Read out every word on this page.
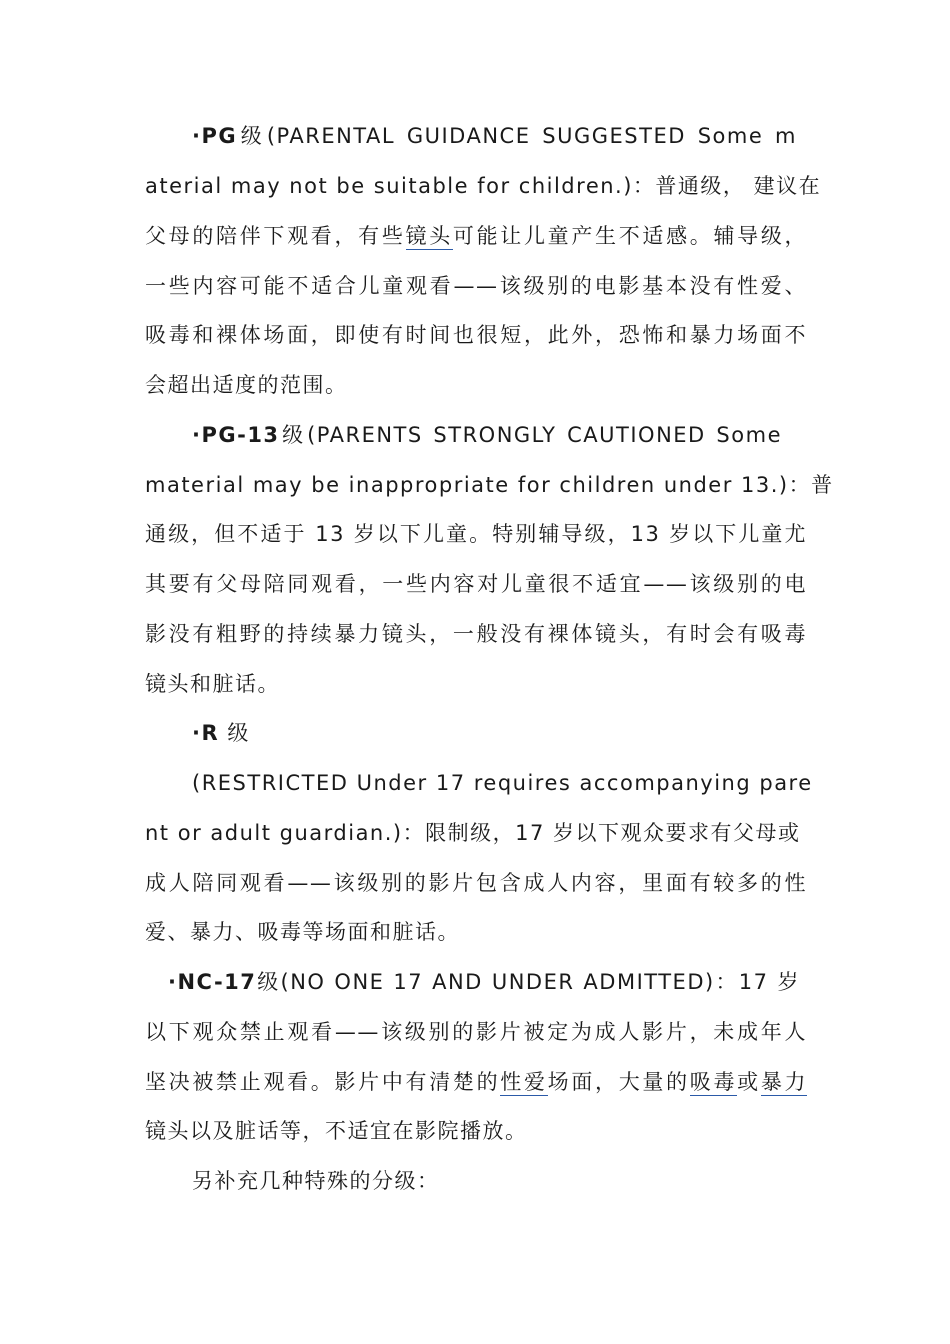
·PG级(PARENTAL GUIDANCE SUGGESTED Some m
aterial may not be suitable for children.)：普通级， 建议在
父母的陪伴下观看，有些镜头可能让儿童产生不适感。辅导级，
一些内容可能不适合儿童观看——该级别的电影基本没有性爱、
吸毒和裸体场面，即使有时间也很短，此外，恐怖和暴力场面不
会超出适度的范围。
·PG-13级(PARENTS STRONGLY CAUTIONED Some
material may be inappropriate for children under 13.)：普
通级，但不适于 13 岁以下儿童。特别辅导级，13 岁以下儿童尤
其要有父母陪同观看，一些内容对儿童很不适宜——该级别的电
影没有粗野的持续暴力镜头，一般没有裸体镜头，有时会有吸毒
镜头和脏话。
·R 级
(RESTRICTED Under 17 requires accompanying pare
nt or adult guardian.)：限制级，17 岁以下观众要求有父母或
成人陪同观看——该级别的影片包含成人内容，里面有较多的性
爱、暴力、吸毒等场面和脏话。
·NC-17级(NO ONE 17 AND UNDER ADMITTED)：17 岁
以下观众禁止观看——该级别的影片被定为成人影片，未成年人
坚决被禁止观看。影片中有清楚的性爱场面，大量的吸毒或暴力
镜头以及脏话等，不适宜在影院播放。
另补充几种特殊的分级：
